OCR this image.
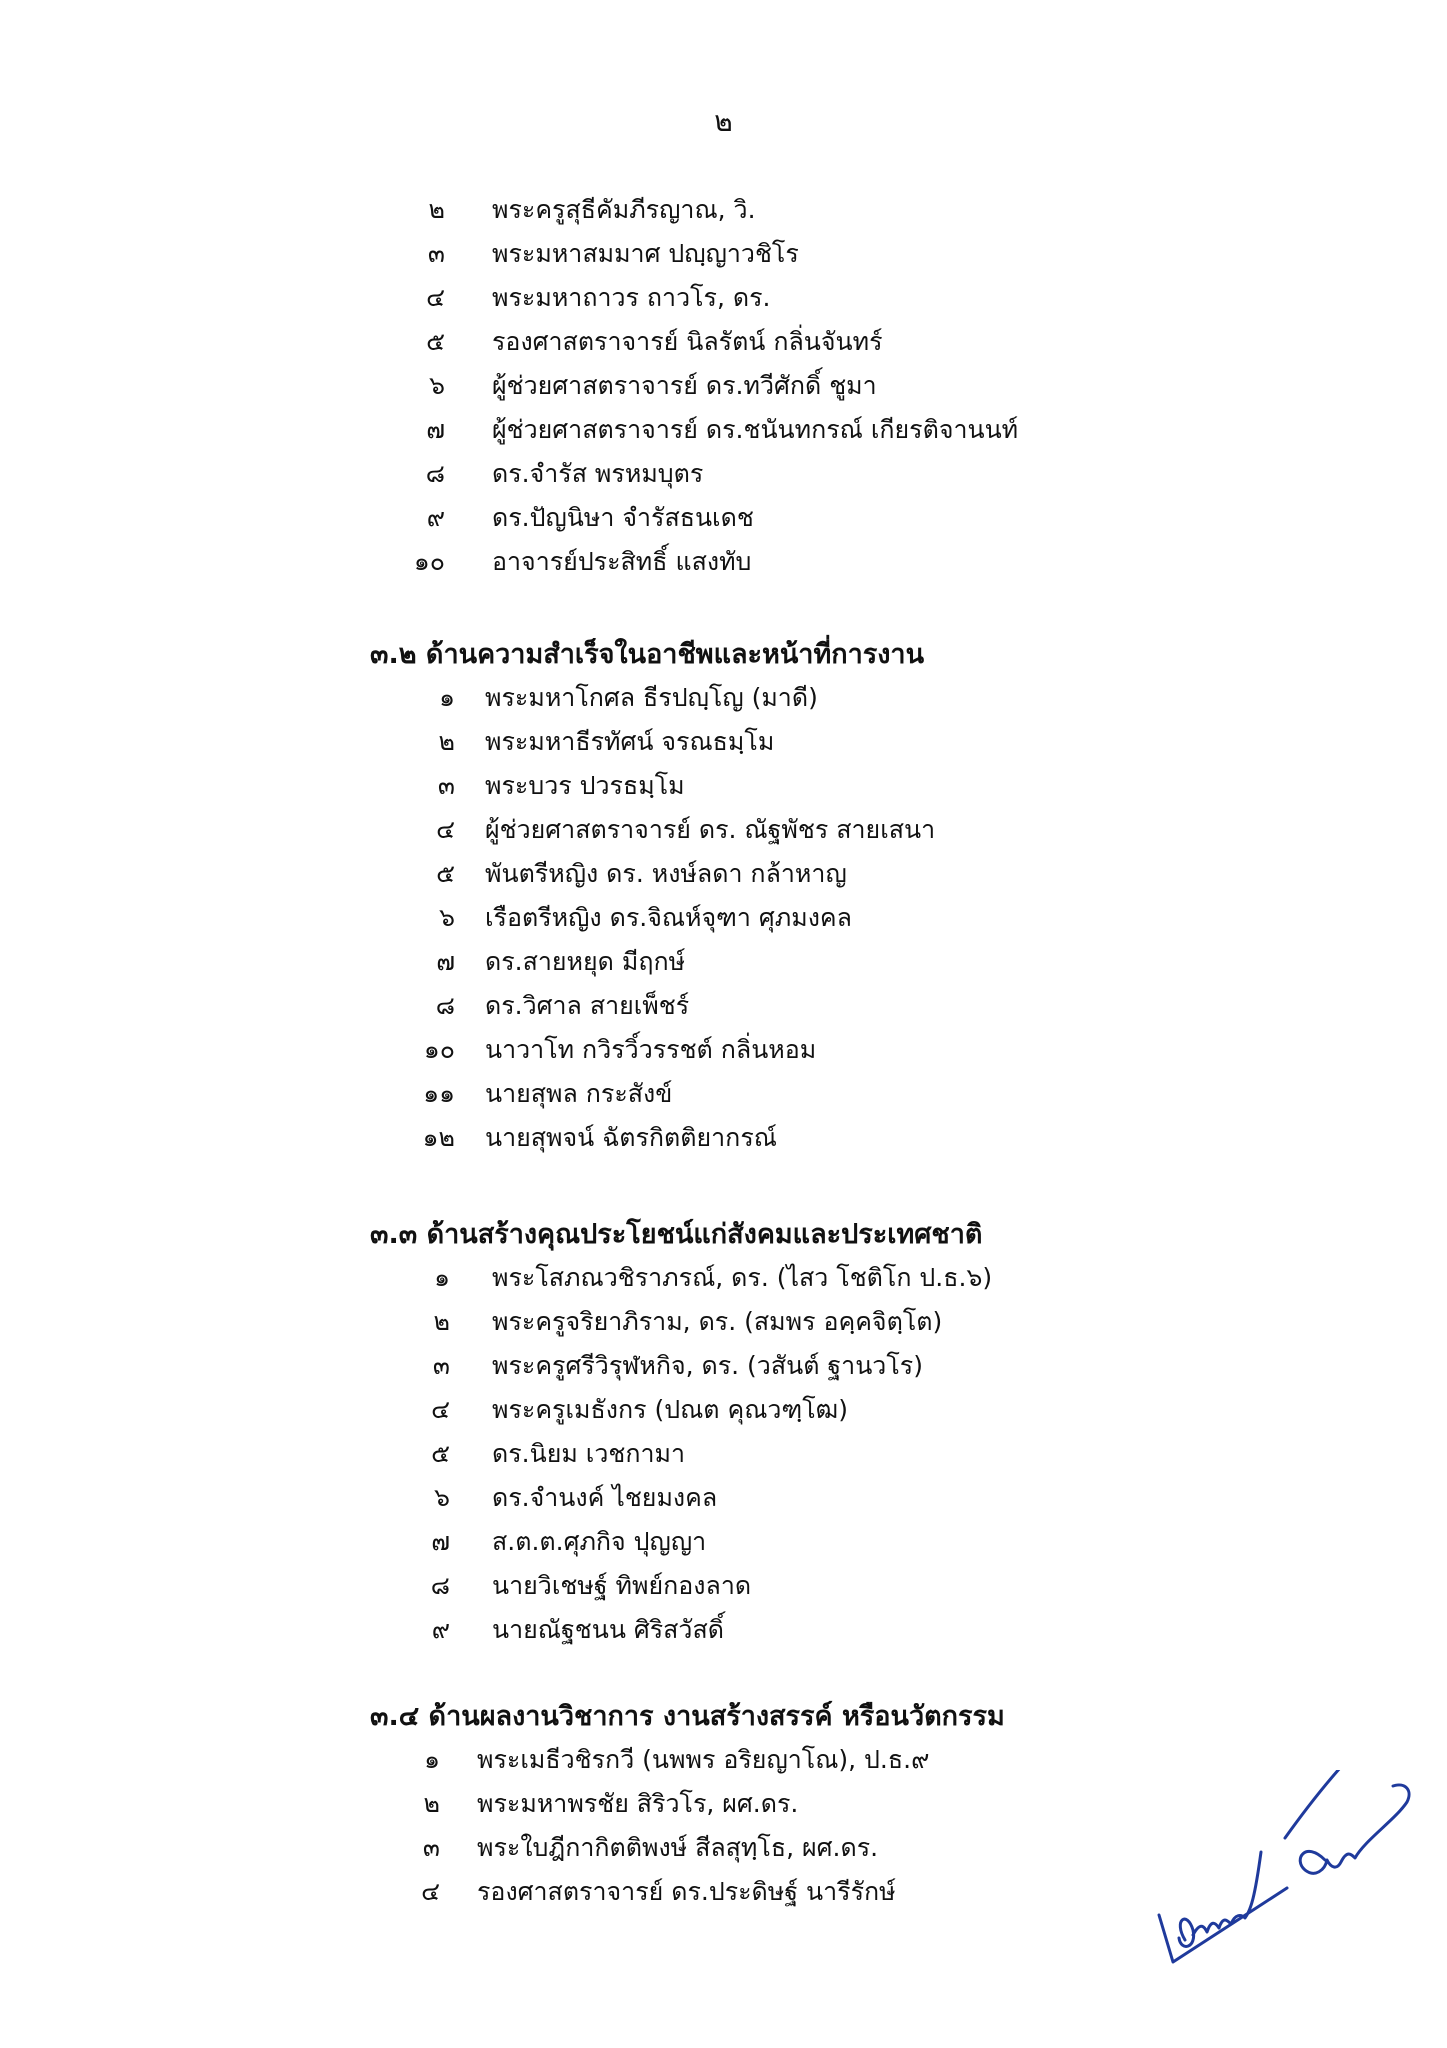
๒
๒ พระครูสุธีคัมภีรญาณ, วิ.
๓ พระมหาสมมาศ ปญฺญาวชิโร
๔ พระมหาถาวร ถาวโร, ดร.
๕ รองศาสตราจารย์ นิลรัตน์ กลิ่นจันทร์
๖ ผู้ช่วยศาสตราจารย์ ดร.ทวีศักดิ์ ชูมา
๗ ผู้ช่วยศาสตราจารย์ ดร.ชนันทกรณ์ เกียรติจานนท์
๘ ดร.จำรัส พรหมบุตร
๙ ดร.ปัญนิษา จำรัสธนเดช
๑๐ อาจารย์ประสิทธิ์ แสงทับ
๓.๒ ด้านความสำเร็จในอาชีพและหน้าที่การงาน
๑ พระมหาโกศล ธีรปญฺโญ (มาดี)
๒ พระมหาธีรทัศน์ จรณธมฺโม
๓ พระบวร ปวรธมฺโม
๔ ผู้ช่วยศาสตราจารย์ ดร. ณัฐพัชร สายเสนา
๕ พันตรีหญิง ดร. หงษ์ลดา กล้าหาญ
๖ เรือตรีหญิง ดร.จิณห์จุฑา ศุภมงคล
๗ ดร.สายหยุด มีฤกษ์
๘ ดร.วิศาล สายเพ็ชร์
๑๐ นาวาโท กวิรวิ์วรรชต์ กลิ่นหอม
๑๑ นายสุพล กระสังข์
๑๒ นายสุพจน์ ฉัตรกิตติยากรณ์
๓.๓ ด้านสร้างคุณประโยชน์แก่สังคมและประเทศชาติ
๑ พระโสภณวชิราภรณ์, ดร. (ไสว โชติโก ป.ธ.๖)
๒ พระครูจริยาภิราม, ดร. (สมพร อคฺคจิตฺโต)
๓ พระครูศรีวิรุฬหกิจ, ดร. (วสันต์ ฐานวโร)
๔ พระครูเมธังกร (ปณต คุณวฑฺโฒ)
๕ ดร.นิยม เวชกามา
๖ ดร.จำนงค์ ไชยมงคล
๗ ส.ต.ต.ศุภกิจ ปุญญา
๘ นายวิเชษฐ์ ทิพย์กองลาด
๙ นายณัฐชนน ศิริสวัสดิ์
๓.๔ ด้านผลงานวิชาการ งานสร้างสรรค์ หรือนวัตกรรม
๑ พระเมธีวชิรกวี (นพพร อริยญาโณ), ป.ธ.๙
๒ พระมหาพรชัย สิริวโร, ผศ.ดร.
๓ พระใบฎีกากิตติพงษ์ สีลสุทฺโธ, ผศ.ดร.
๔ รองศาสตราจารย์ ดร.ประดิษฐ์ นารีรักษ์
